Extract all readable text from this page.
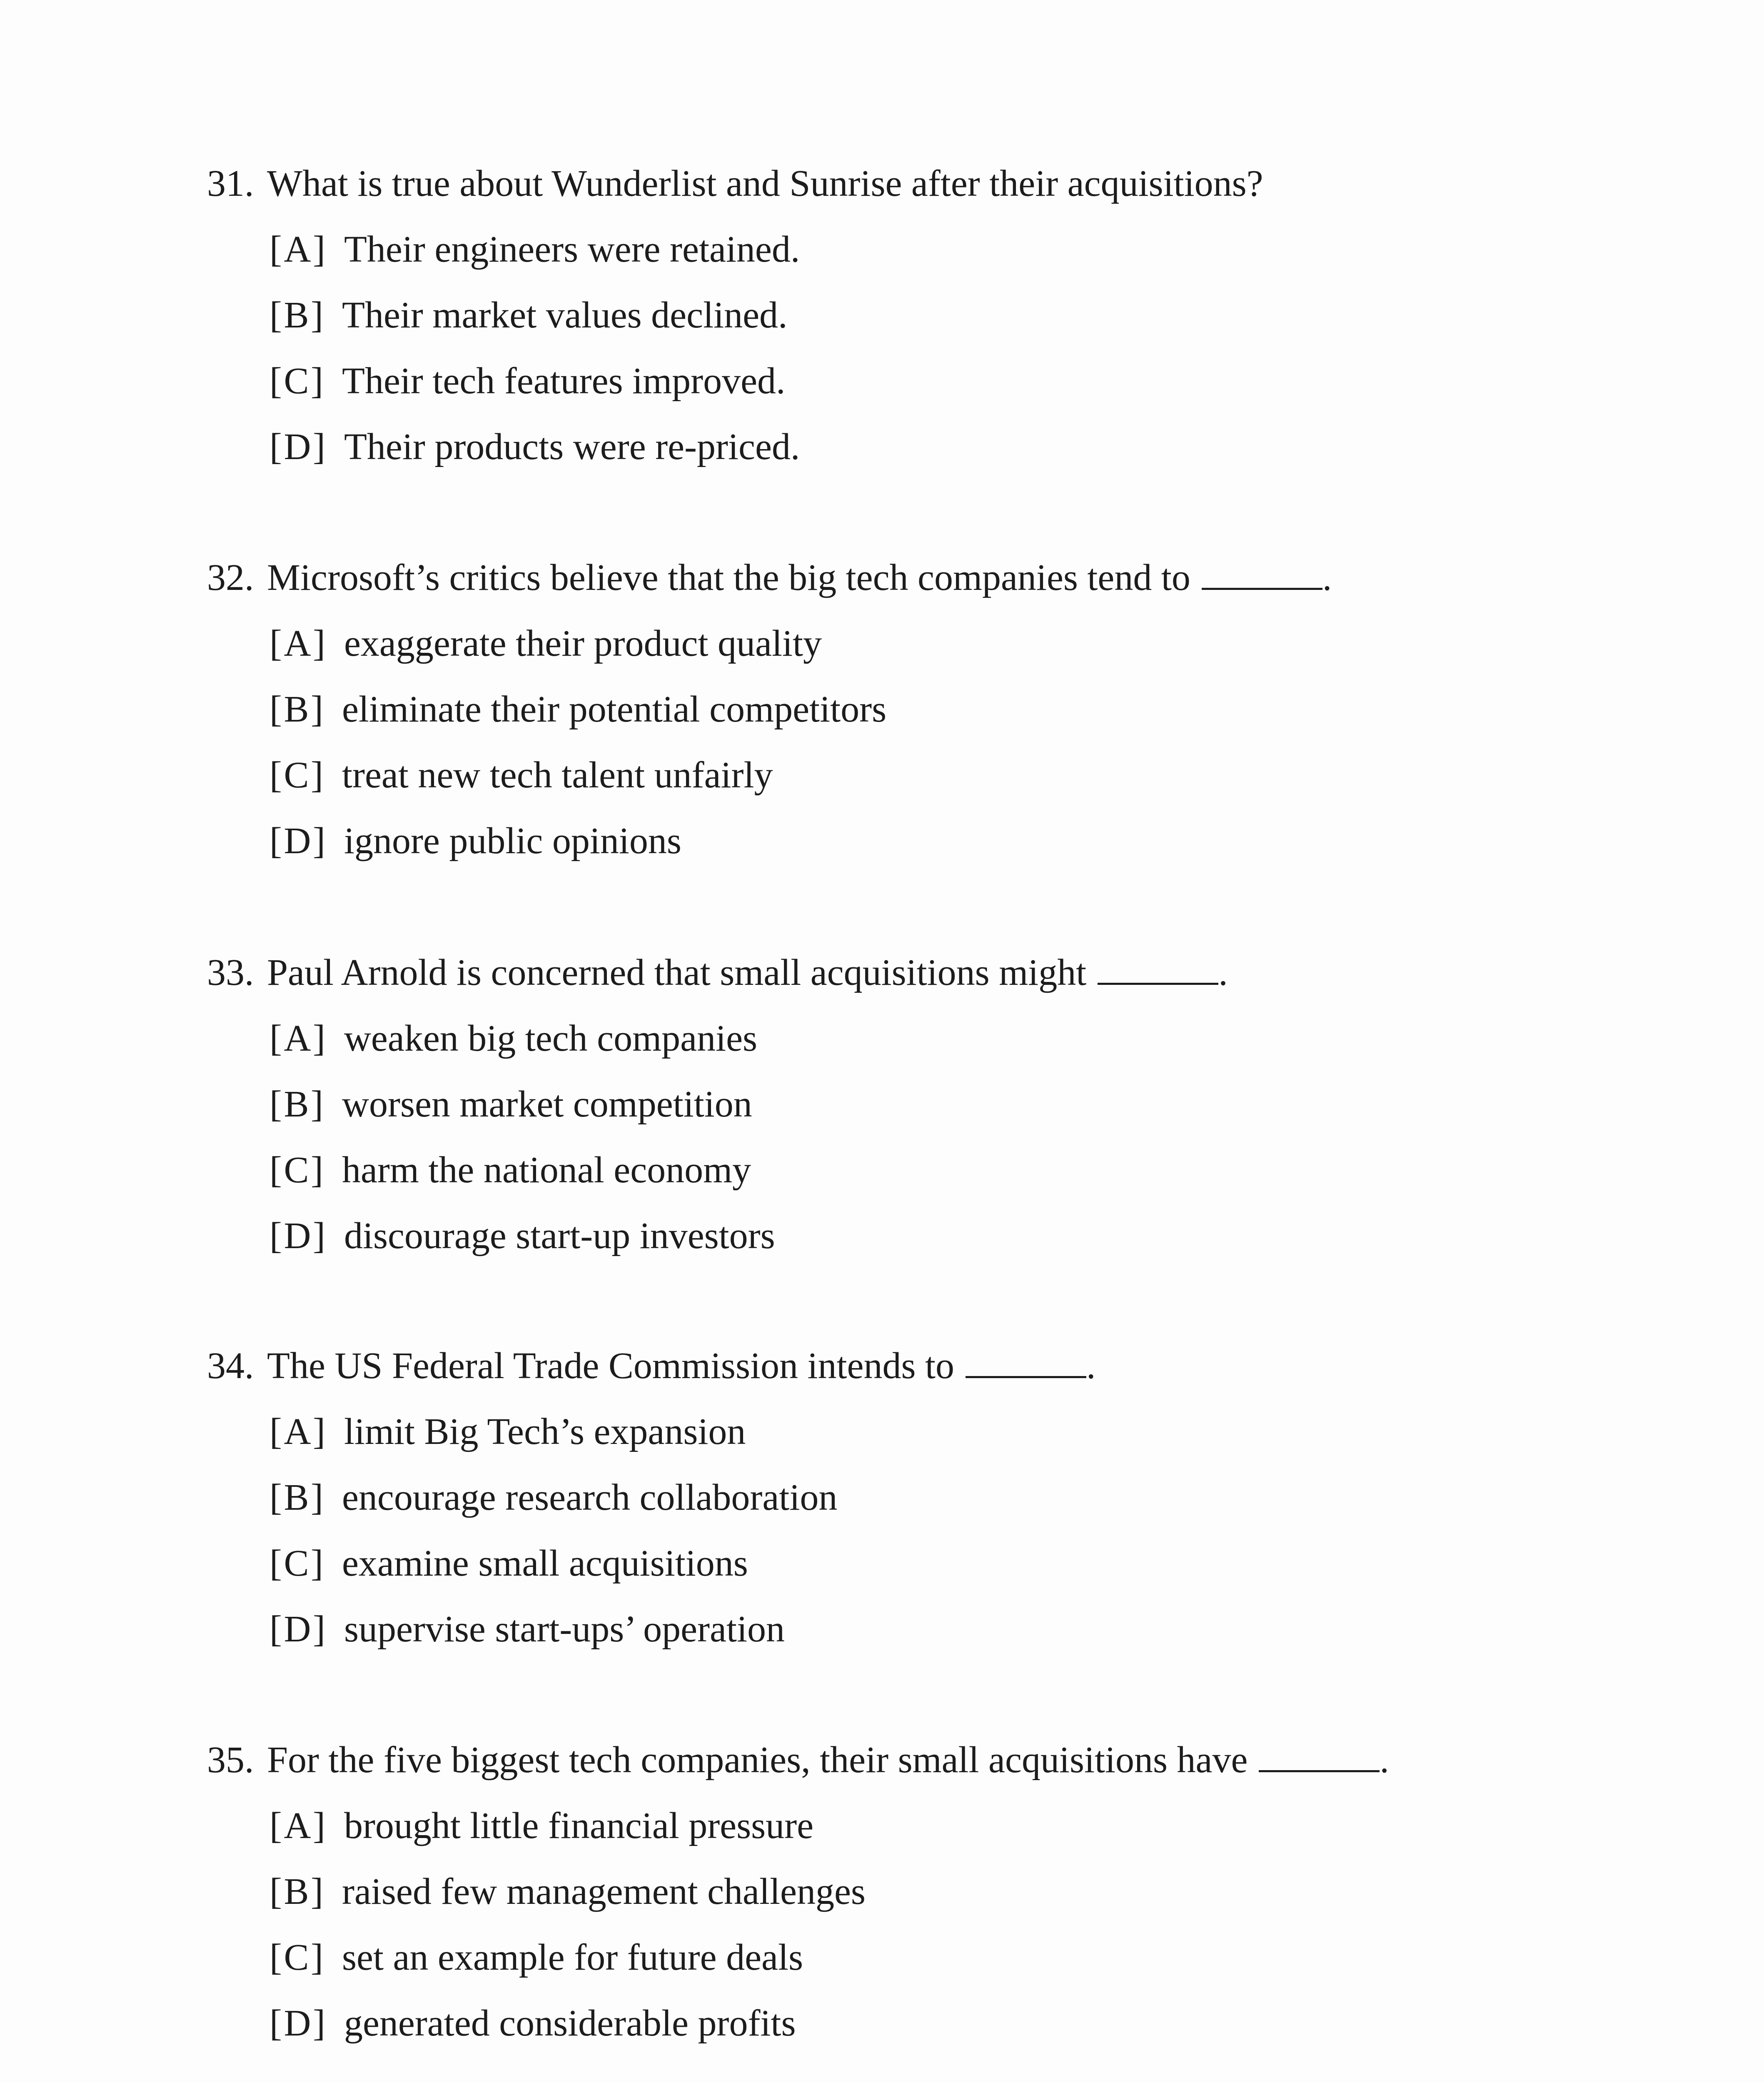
31. What is true about Wunderlist and Sunrise after their acquisitions?
[A] Their engineers were retained.
[B] Their market values declined.
[C] Their tech features improved.
[D] Their products were re-priced.
32. Microsoft’s critics believe that the big tech companies tend to	.
[A] exaggerate their product quality
[B] eliminate their potential competitors
[C] treat new tech talent unfairly
[D] ignore public opinions
33. Paul Arnold is concerned that small acquisitions might	.
[A] weaken big tech companies
[B] worsen market competition
[C] harm the national economy
[D] discourage start-up investors
34. The US Federal Trade Commission intends to	.
[A] limit Big Tech’s expansion
[B] encourage research collaboration
[C] examine small acquisitions
[D] supervise start-ups’ operation
35. For the five biggest tech companies, their small acquisitions have	.
[A] brought little financial pressure
[B] raised few management challenges
[C] set an example for future deals
[D] generated considerable profits
